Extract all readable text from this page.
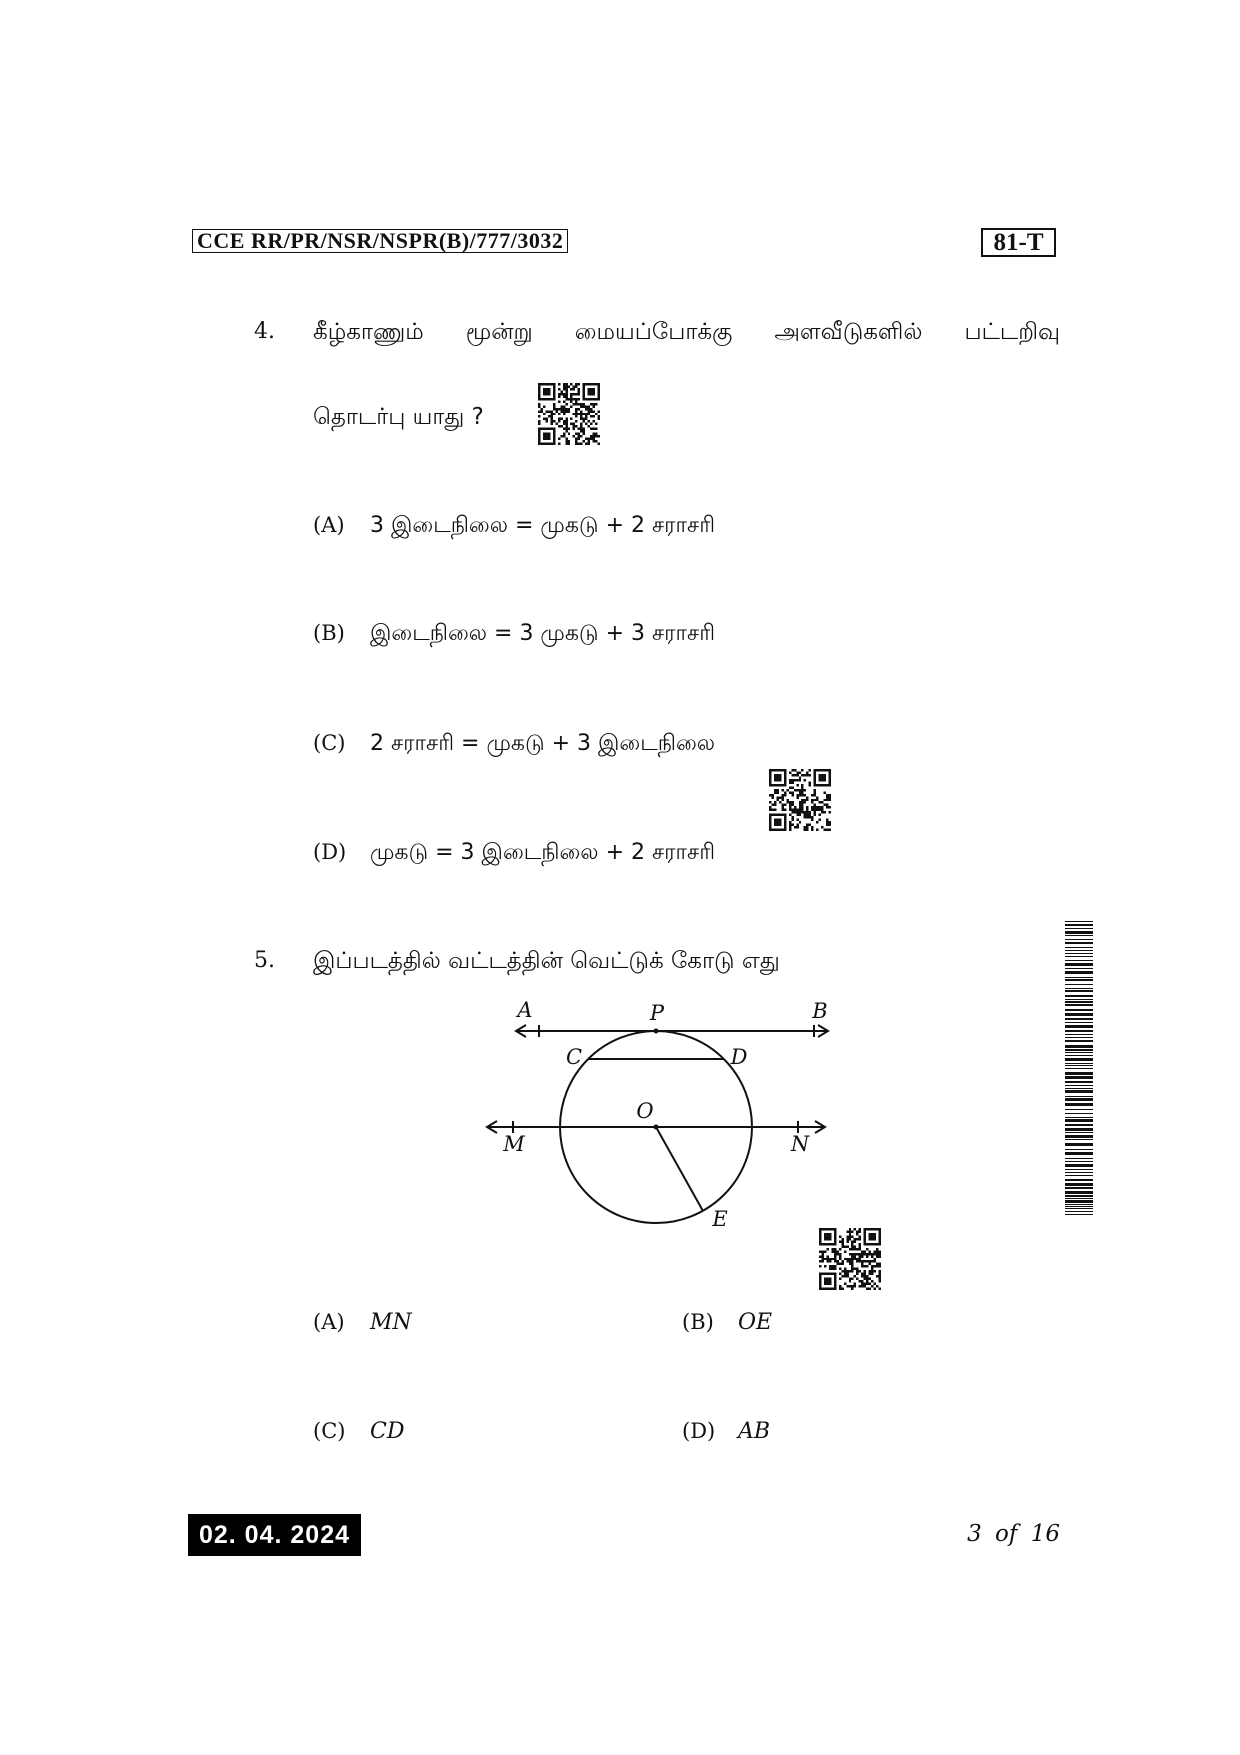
CCE RR/PR/NSR/NSPR(B)/777/3032	81-T
4. கீழ்காணும் மூன்று மையப்போக்கு அளவீடுகளில் பட்டறிவு
தொடர்பு யாது ?
(A) 3 இடைநிலை = முகடு + 2 சராசரி
(B) இடைநிலை = 3 முகடு + 3 சராசரி
(C) 2 சராசரி = முகடு + 3 இடைநிலை
(D) முகடு = 3 இடைநிலை + 2 சராசரி
5. இப்படத்தில் வட்டத்தின் வெட்டுக் கோடு எது
A	P	B
C	D
O
M	N
E
(A) MN	(B) OE
(C) CD	(D) AB
02. 04. 2024	3 of 16
